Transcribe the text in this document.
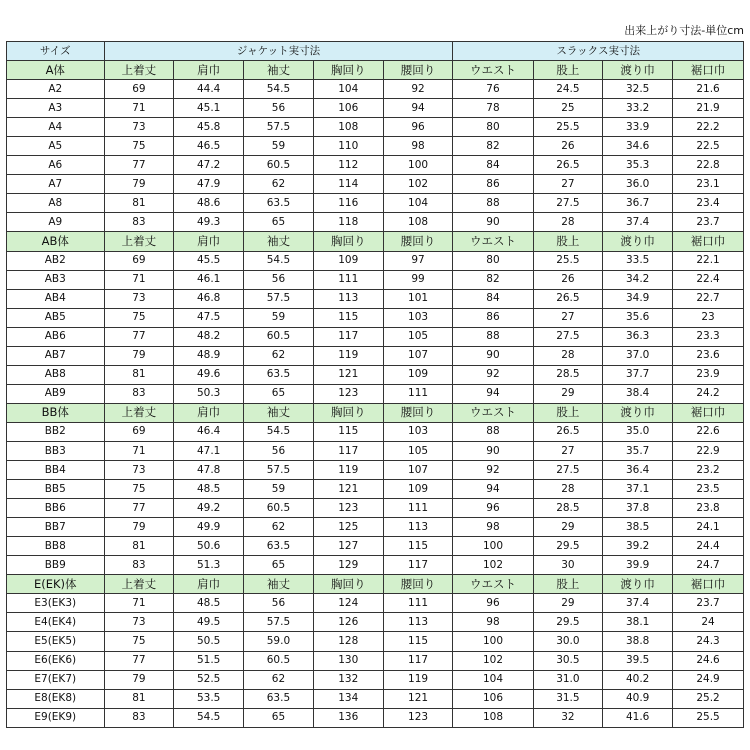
出来上がり寸法-単位cm
サイズ	ジャケット実寸法					スラックス実寸法			
A体	上着丈	肩巾	袖丈	胸回り	腰回り	ウエスト	股上	渡り巾	裾口巾
A2	69	44.4	54.5	104	92	76	24.5	32.5	21.6
A3	71	45.1	56	106	94	78	25	33.2	21.9
A4	73	45.8	57.5	108	96	80	25.5	33.9	22.2
A5	75	46.5	59	110	98	82	26	34.6	22.5
A6	77	47.2	60.5	112	100	84	26.5	35.3	22.8
A7	79	47.9	62	114	102	86	27	36.0	23.1
A8	81	48.6	63.5	116	104	88	27.5	36.7	23.4
A9	83	49.3	65	118	108	90	28	37.4	23.7
AB体	上着丈	肩巾	袖丈	胸回り	腰回り	ウエスト	股上	渡り巾	裾口巾
AB2	69	45.5	54.5	109	97	80	25.5	33.5	22.1
AB3	71	46.1	56	111	99	82	26	34.2	22.4
AB4	73	46.8	57.5	113	101	84	26.5	34.9	22.7
AB5	75	47.5	59	115	103	86	27	35.6	23
AB6	77	48.2	60.5	117	105	88	27.5	36.3	23.3
AB7	79	48.9	62	119	107	90	28	37.0	23.6
AB8	81	49.6	63.5	121	109	92	28.5	37.7	23.9
AB9	83	50.3	65	123	111	94	29	38.4	24.2
BB体	上着丈	肩巾	袖丈	胸回り	腰回り	ウエスト	股上	渡り巾	裾口巾
BB2	69	46.4	54.5	115	103	88	26.5	35.0	22.6
BB3	71	47.1	56	117	105	90	27	35.7	22.9
BB4	73	47.8	57.5	119	107	92	27.5	36.4	23.2
BB5	75	48.5	59	121	109	94	28	37.1	23.5
BB6	77	49.2	60.5	123	111	96	28.5	37.8	23.8
BB7	79	49.9	62	125	113	98	29	38.5	24.1
BB8	81	50.6	63.5	127	115	100	29.5	39.2	24.4
BB9	83	51.3	65	129	117	102	30	39.9	24.7
E(EK)体	上着丈	肩巾	袖丈	胸回り	腰回り	ウエスト	股上	渡り巾	裾口巾
E3(EK3)	71	48.5	56	124	111	96	29	37.4	23.7
E4(EK4)	73	49.5	57.5	126	113	98	29.5	38.1	24
E5(EK5)	75	50.5	59.0	128	115	100	30.0	38.8	24.3
E6(EK6)	77	51.5	60.5	130	117	102	30.5	39.5	24.6
E7(EK7)	79	52.5	62	132	119	104	31.0	40.2	24.9
E8(EK8)	81	53.5	63.5	134	121	106	31.5	40.9	25.2
E9(EK9)	83	54.5	65	136	123	108	32	41.6	25.5
